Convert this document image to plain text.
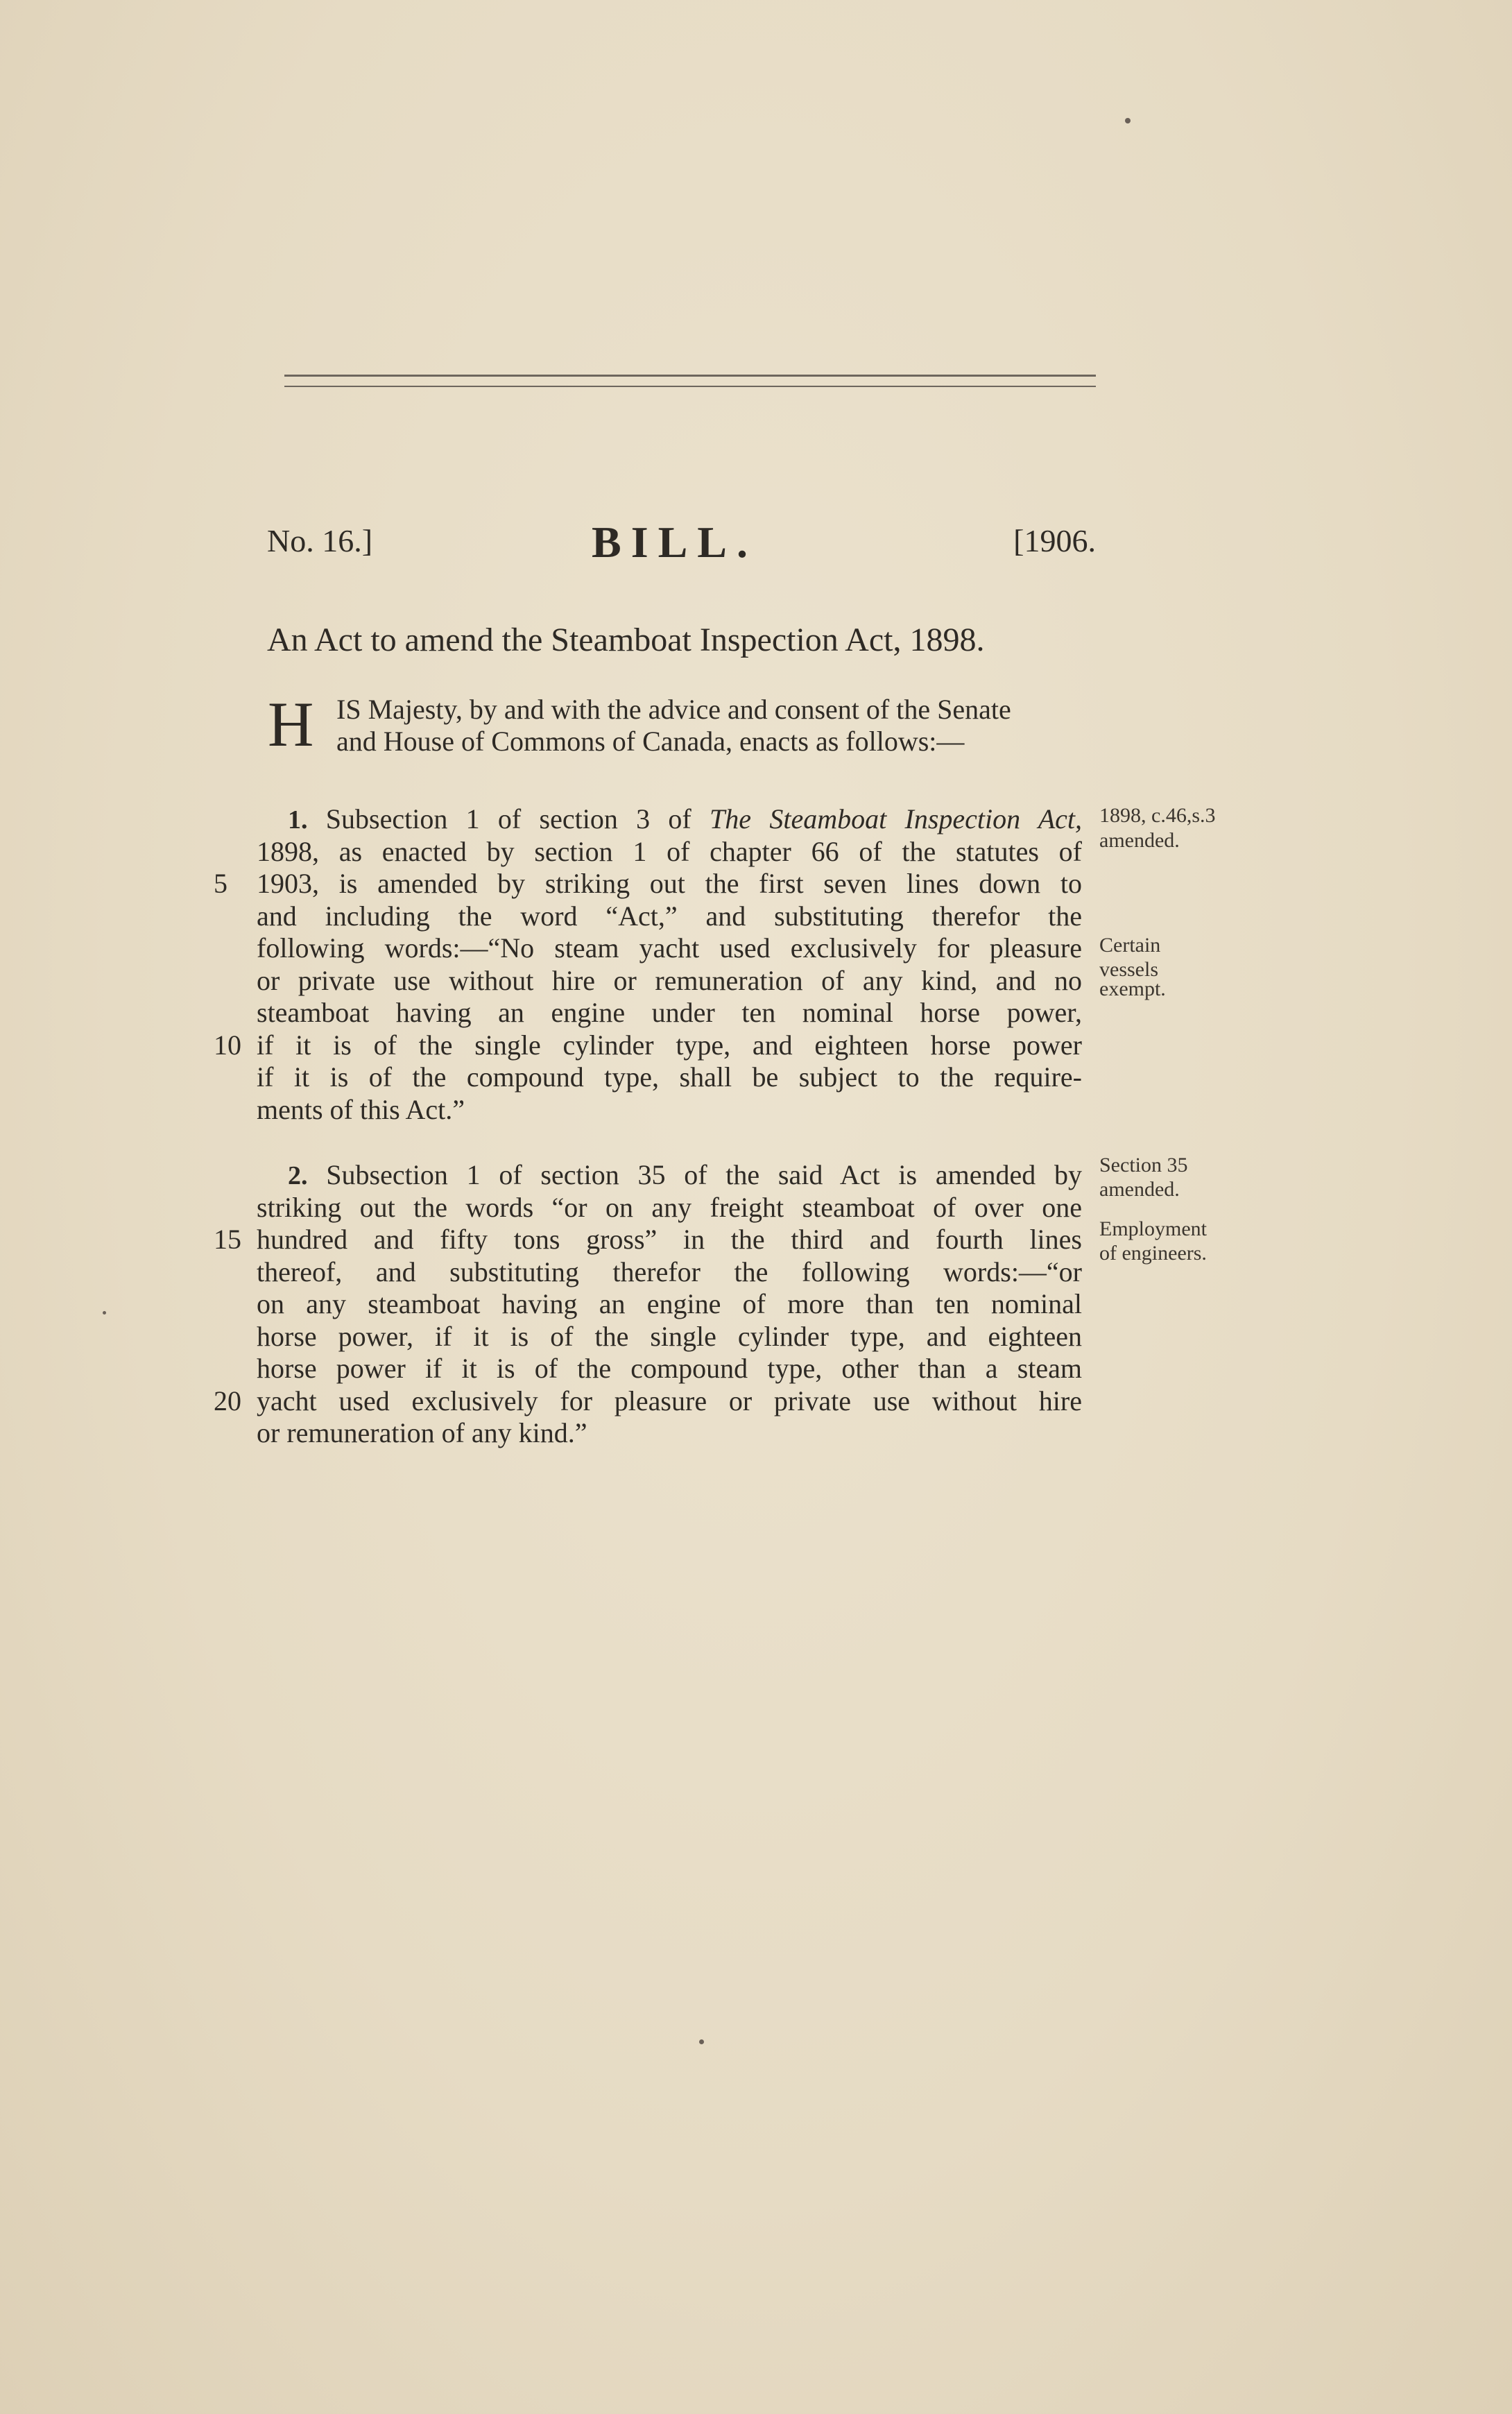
No. 16.]	BILL.	[1906.
An Act to amend the Steamboat Inspection Act, 1898.
H IS Majesty, by and with the advice and consent of the Senate
and House of Commons of Canada, enacts as follows:—
1. Subsection 1 of section 3 of The Steamboat Inspection Act,
1898, as enacted by section 1 of chapter 66 of the statutes of
5 1903, is amended by striking out the first seven lines down to
and including the word “Act,” and substituting therefor the
following words:—“No steam yacht used exclusively for pleasure
or private use without hire or remuneration of any kind, and no
steamboat having an engine under ten nominal horse power,
10 if it is of the single cylinder type, and eighteen horse power
if it is of the compound type, shall be subject to the require-
ments of this Act.”
2. Subsection 1 of section 35 of the said Act is amended by
striking out the words “or on any freight steamboat of over one
15 hundred and fifty tons gross” in the third and fourth lines
thereof, and substituting therefor the following words:—“or
on any steamboat having an engine of more than ten nominal
horse power, if it is of the single cylinder type, and eighteen
horse power if it is of the compound type, other than a steam
20 yacht used exclusively for pleasure or private use without hire
or remuneration of any kind.”
1898, c.46,s.3
amended.
Certain
vessels
exempt.
Section 35
amended.
Employment
of engineers.
